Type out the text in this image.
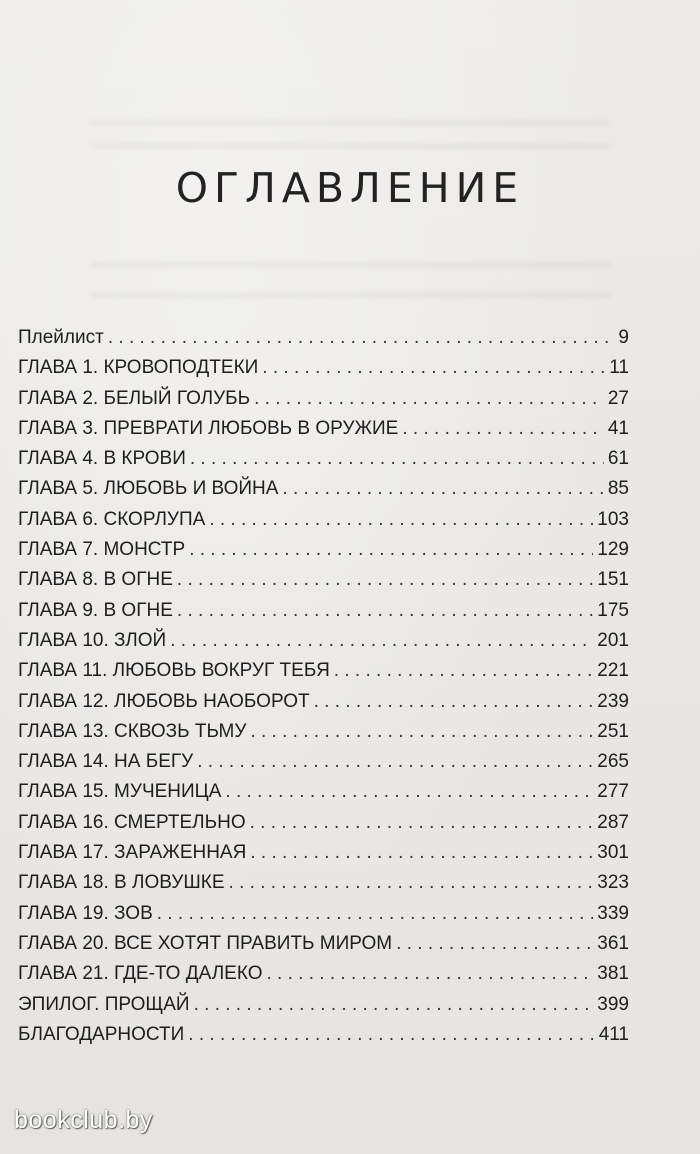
ОГЛАВЛЕНИЕ
Плейлист . . .	9
ГЛАВА 1. КРОВОПОДТЕКИ . . .	11
ГЛАВА 2. БЕЛЫЙ ГОЛУБЬ . . .	27
ГЛАВА 3. ПРЕВРАТИ ЛЮБОВЬ В ОРУЖИЕ . . .	41
ГЛАВА 4. В КРОВИ . . .	61
ГЛАВА 5. ЛЮБОВЬ И ВОЙНА . . .	85
ГЛАВА 6. СКОРЛУПА . . .	103
ГЛАВА 7. МОНСТР . . .	129
ГЛАВА 8. В ОГНЕ . . .	151
ГЛАВА 9. В ОГНЕ . . .	175
ГЛАВА 10. ЗЛОЙ . . .	201
ГЛАВА 11. ЛЮБОВЬ ВОКРУГ ТЕБЯ . . .	221
ГЛАВА 12. ЛЮБОВЬ НАОБОРОТ . . .	239
ГЛАВА 13. СКВОЗЬ ТЬМУ . . .	251
ГЛАВА 14. НА БЕГУ . . .	265
ГЛАВА 15. МУЧЕНИЦА . . .	277
ГЛАВА 16. СМЕРТЕЛЬНО . . .	287
ГЛАВА 17. ЗАРАЖЕННАЯ . . .	301
ГЛАВА 18. В ЛОВУШКЕ . . .	323
ГЛАВА 19. ЗОВ . . .	339
ГЛАВА 20. ВСЕ ХОТЯТ ПРАВИТЬ МИРОМ . . .	361
ГЛАВА 21. ГДЕ-ТО ДАЛЕКО . . .	381
ЭПИЛОГ. ПРОЩАЙ . . .	399
БЛАГОДАРНОСТИ . . .	411
bookclub.by
